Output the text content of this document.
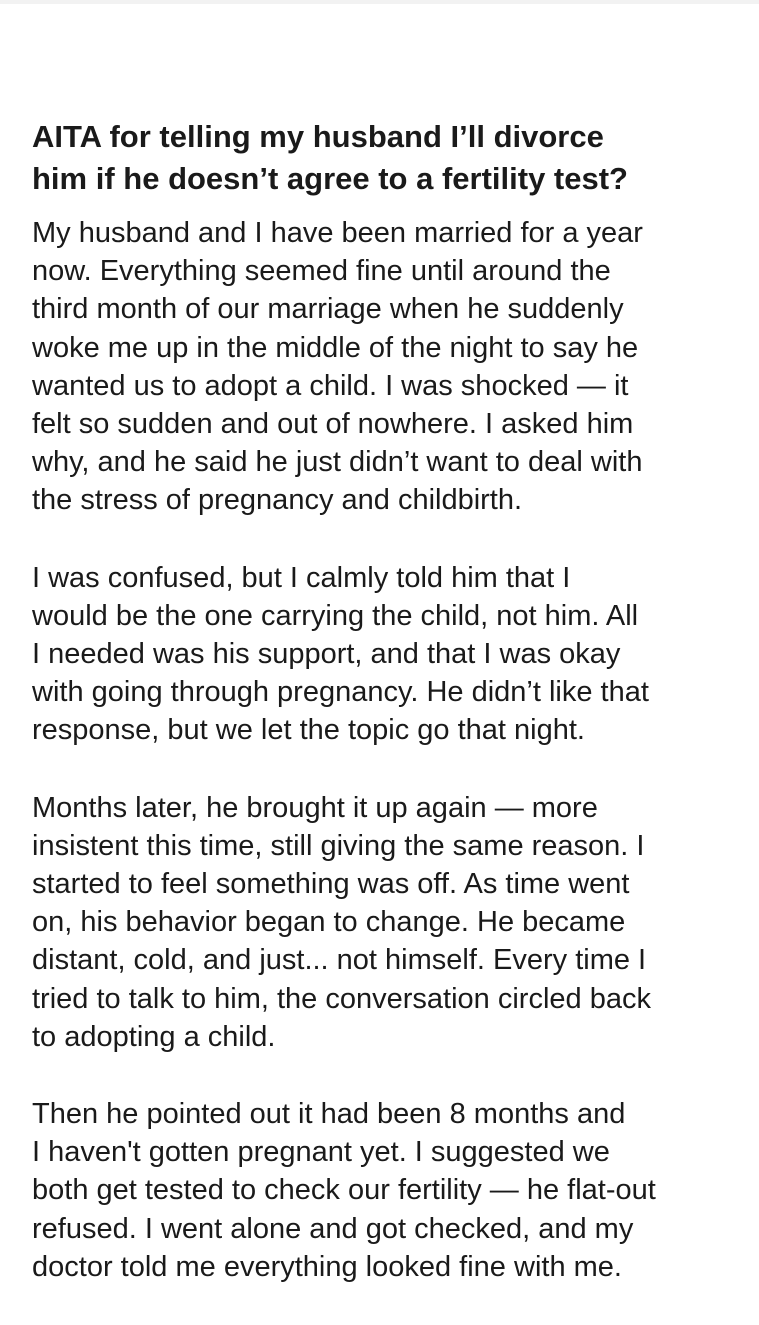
AITA for telling my husband I’ll divorce
him if he doesn’t agree to a fertility test?

My husband and I have been married for a year
now. Everything seemed fine until around the
third month of our marriage when he suddenly
woke me up in the middle of the night to say he
wanted us to adopt a child. I was shocked — it
felt so sudden and out of nowhere. I asked him
why, and he said he just didn’t want to deal with
the stress of pregnancy and childbirth.

I was confused, but I calmly told him that I
would be the one carrying the child, not him. All
I needed was his support, and that I was okay
with going through pregnancy. He didn’t like that
response, but we let the topic go that night.

Months later, he brought it up again — more
insistent this time, still giving the same reason. I
started to feel something was off. As time went
on, his behavior began to change. He became
distant, cold, and just... not himself. Every time I
tried to talk to him, the conversation circled back
to adopting a child.

Then he pointed out it had been 8 months and
I haven't gotten pregnant yet. I suggested we
both get tested to check our fertility — he flat-out
refused. I went alone and got checked, and my
doctor told me everything looked fine with me.
